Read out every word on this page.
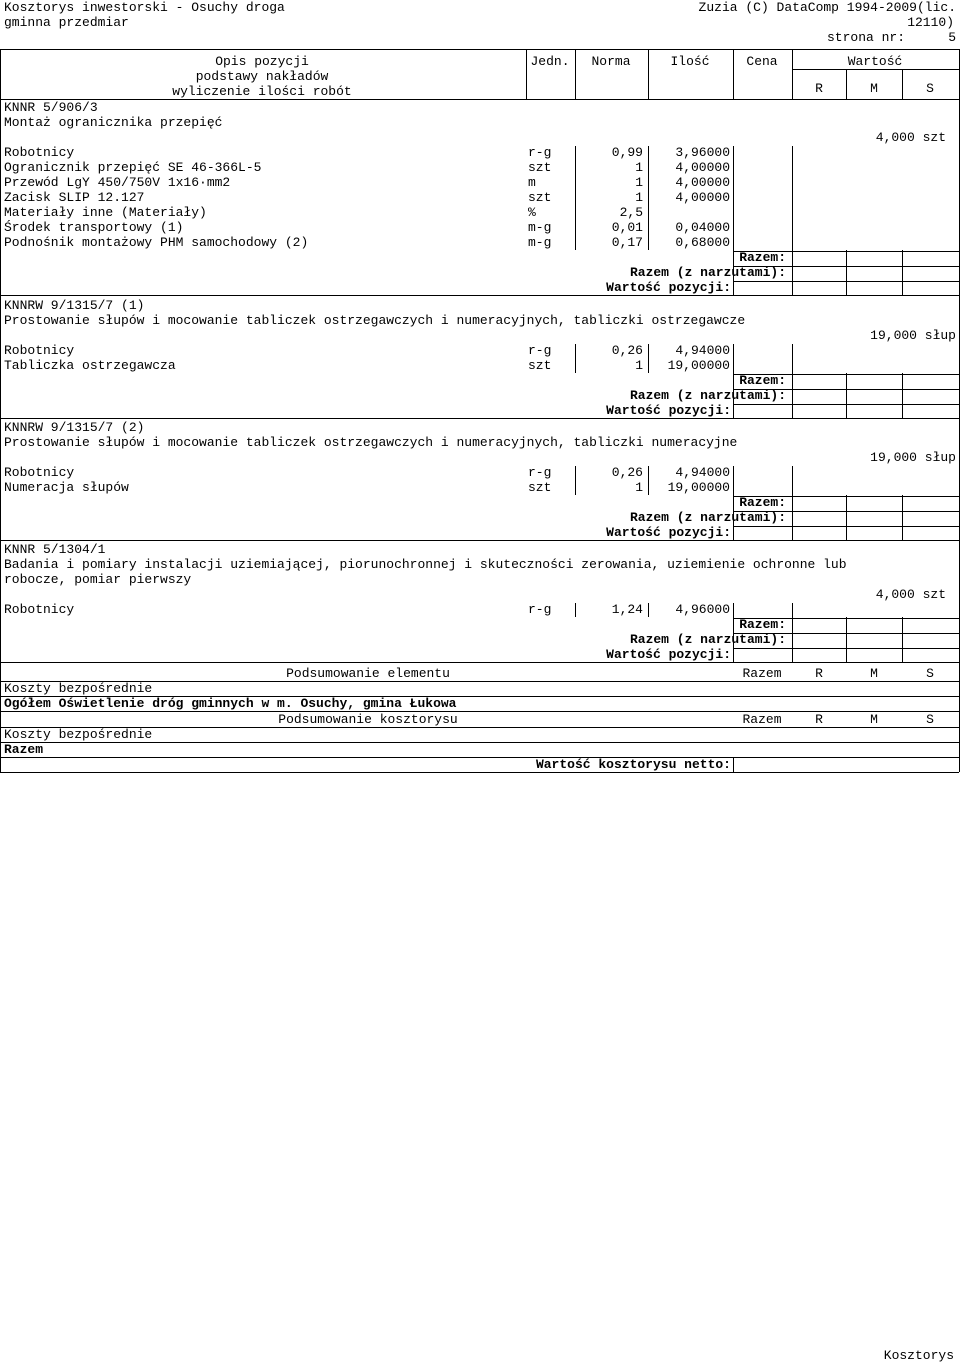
Kosztorys inwestorski - Osuchy droga
gminna przedmiar
Zuzia (C) DataComp 1994-2009(lic.
12110)
strona nr:	5
Opis pozycji
podstawy nakładów
wyliczenie ilości robót
Jedn. Norma	Ilość	Cena	Wartość
R	M	S
KNNR 5/906/3
Montaż ogranicznika przepięć
4,000 szt
Robotnicy	r-g	0,99 3,96000
Ogranicznik przepięć SE 46-366L-5	szt	1 4,00000
Przewód LgY 450/750V 1x16·mm2	m	1 4,00000
Zacisk SLIP 12.127	szt	1 4,00000
Materiały inne (Materiały)	%	2,5
Środek transportowy (1)	m-g	0,01 0,04000
Podnośnik montażowy PHM samochodowy (2)	m-g	0,17 0,68000
Razem:
Razem (z narzutami):
Wartość pozycji:
KNNRW 9/1315/7 (1)
Prostowanie słupów i mocowanie tabliczek ostrzegawczych i numeracyjnych, tabliczki ostrzegawcze
19,000 słup
Robotnicy	r-g	0,26 4,94000
Tabliczka ostrzegawcza	szt	1 19,00000
Razem:
Razem (z narzutami):
Wartość pozycji:
KNNRW 9/1315/7 (2)
Prostowanie słupów i mocowanie tabliczek ostrzegawczych i numeracyjnych, tabliczki numeracyjne
19,000 słup
Robotnicy	r-g	0,26 4,94000
Numeracja słupów	szt	1 19,00000
Razem:
Razem (z narzutami):
Wartość pozycji:
KNNR 5/1304/1
Badania i pomiary instalacji uziemiającej, piorunochronnej i skuteczności zerowania, uziemienie ochronne lub
robocze, pomiar pierwszy
4,000 szt
Robotnicy	r-g	1,24 4,96000
Razem:
Razem (z narzutami):
Wartość pozycji:
Podsumowanie elementu	Razem	R	M	S
Koszty bezpośrednie
Ogółem Oświetlenie dróg gminnych w m. Osuchy, gmina Łukowa
Podsumowanie kosztorysu	Razem	R	M	S
Koszty bezpośrednie
Razem
Wartość kosztorysu netto:
Kosztorys
